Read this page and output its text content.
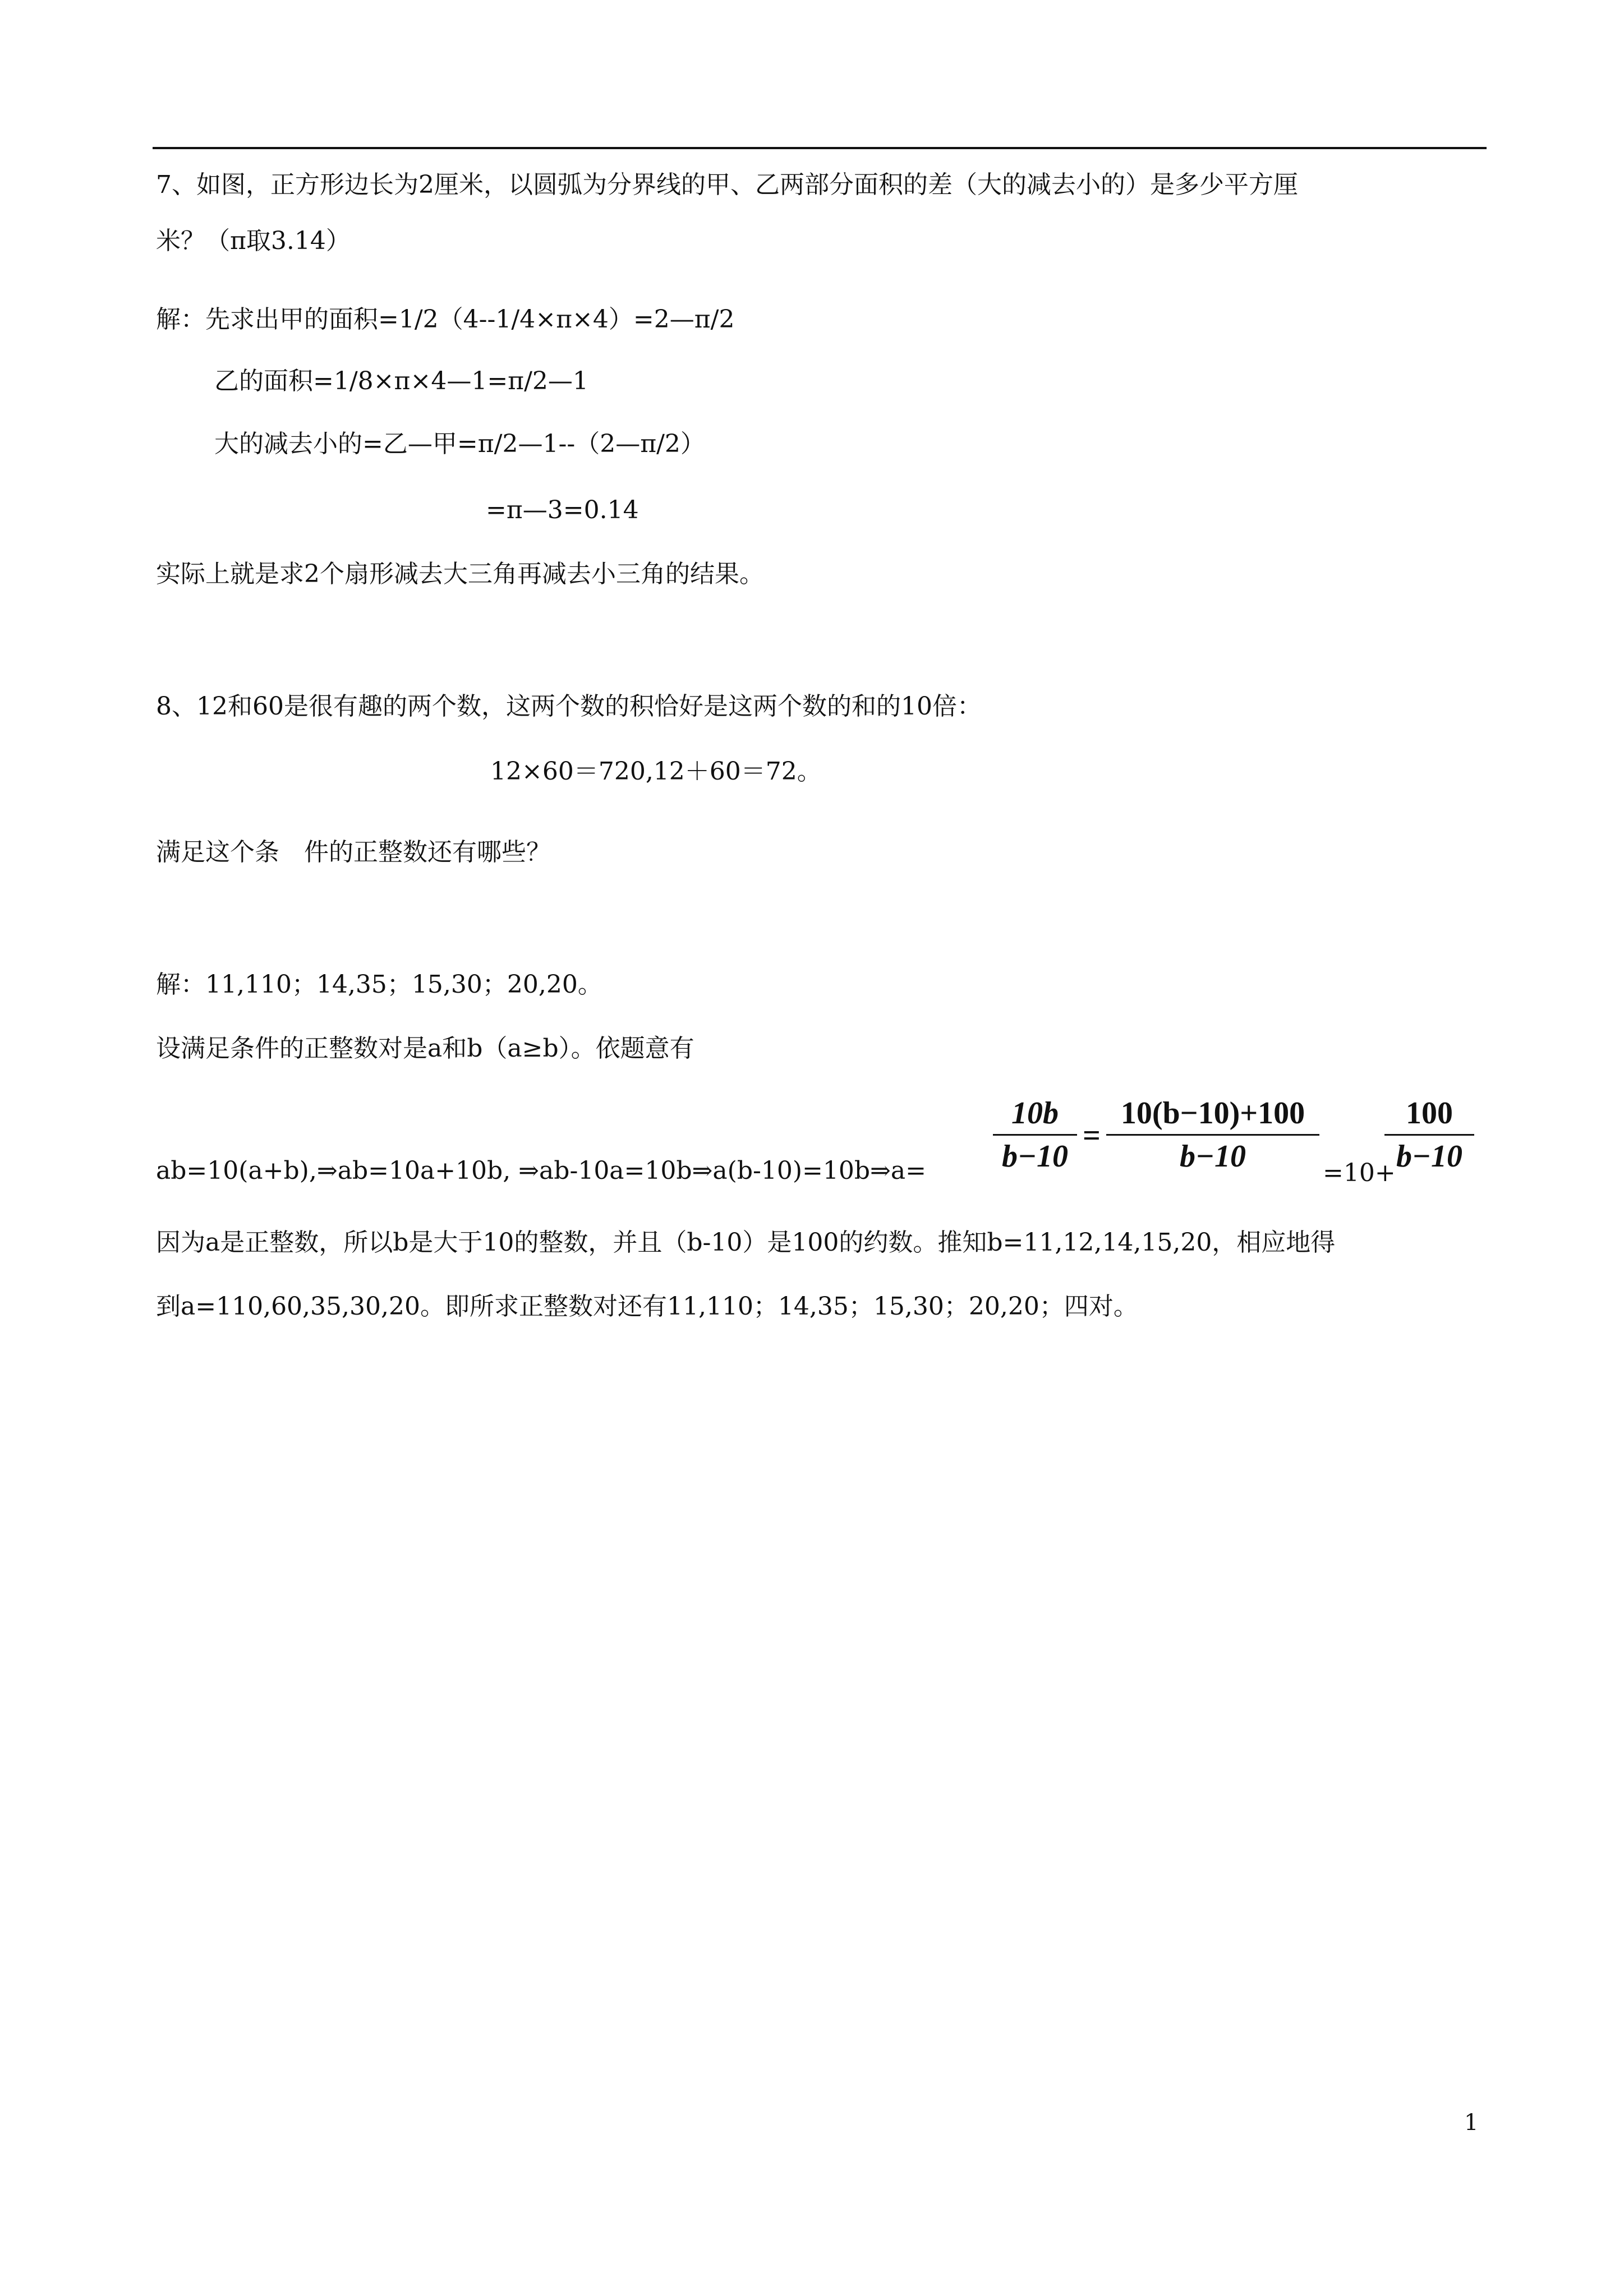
7、如图，正方形边长为2厘米，以圆弧为分界线的甲、乙两部分面积的差（大的减去小的）是多少平方厘
米？（π取3.14）
解：先求出甲的面积=1/2（4--1/4×π×4）=2—π/2
乙的面积=1/8×π×4—1=π/2—1
大的减去小的=乙—甲=π/2—1--（2—π/2）
=π—3=0.14
实际上就是求2个扇形减去大三角再减去小三角的结果。
8、12和60是很有趣的两个数，这两个数的积恰好是这两个数的和的10倍：
12×60＝720,12＋60＝72。
满足这个条　件的正整数还有哪些？
解：11,110；14,35；15,30；20,20。
设满足条件的正整数对是a和b（a≥b）。依题意有
ab=10(a+b),⇒ab=10a+10b, ⇒ab-10a=10b⇒a(b-10)=10b⇒a=
10b
b−10
=
10(b−10)+100
b−10	=10+
100
b−10
因为a是正整数，所以b是大于10的整数，并且（b-10）是100的约数。推知b=11,12,14,15,20，相应地得
到a=110,60,35,30,20。即所求正整数对还有11,110；14,35；15,30；20,20；四对。
1
